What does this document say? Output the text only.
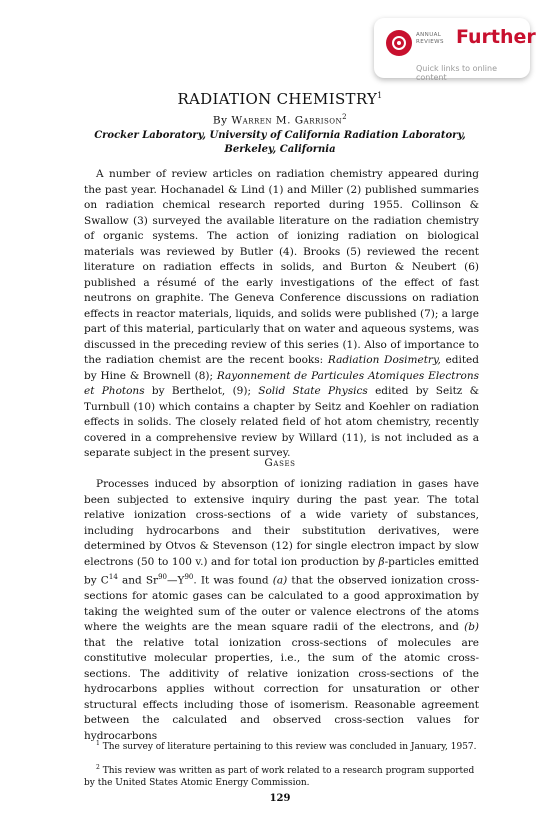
ANNUAL
REVIEWS Further
Quick links to online content
RADIATION CHEMISTRY$^1$
By Warren M. Garrison$^2$
Crocker Laboratory, University of California Radiation Laboratory,
Berkeley, California
A number of review articles on radiation chemistry appeared during the past year. Hochanadel & Lind (1) and Miller (2) published summaries on radiation chemical research reported during 1955. Collinson & Swallow (3) surveyed the available literature on the radiation chemistry of organic systems. The action of ionizing radiation on biological materials was reviewed by Butler (4). Brooks (5) reviewed the recent literature on radiation effects in solids, and Burton & Neubert (6) published a résumé of the early investigations of the effect of fast neutrons on graphite. The Geneva Conference discussions on radiation effects in reactor materials, liquids, and solids were published (7); a large part of this material, particularly that on water and aqueous systems, was discussed in the preceding review of this series (1). Also of importance to the radiation chemist are the recent books: Radiation Dosimetry, edited by Hine & Brownell (8); Rayonnement de Particules Atomiques Electrons et Photons by Berthelot, (9); Solid State Physics edited by Seitz & Turnbull (10) which contains a chapter by Seitz and Koehler on radiation effects in solids. The closely related field of hot atom chemistry, recently covered in a comprehensive review by Willard (11), is not included as a separate subject in the present survey.
Gases
Processes induced by absorption of ionizing radiation in gases have been subjected to extensive inquiry during the past year. The total relative ionization cross-sections of a wide variety of substances, including hydrocarbons and their substitution derivatives, were determined by Otvos & Stevenson (12) for single electron impact by slow electrons (50 to 100 v.) and for total ion production by β-particles emitted by $C^{14}$ and $Sr^{90}—Y^{90}$. It was found (a) that the observed ionization cross-sections for atomic gases can be calculated to a good approximation by taking the weighted sum of the outer or valence electrons of the atoms where the weights are the mean square radii of the electrons, and (b) that the relative total ionization cross-sections of molecules are constitutive molecular properties, i.e., the sum of the atomic cross-sections. The additivity of relative ionization cross-sections of the hydrocarbons applies without correction for unsaturation or other structural effects including those of isomerism. Reasonable agreement between the calculated and observed cross-section values for hydrocarbons
$^1$ The survey of literature pertaining to this review was concluded in January, 1957.
$^2$ This review was written as part of work related to a research program supported by the United States Atomic Energy Commission.
129
